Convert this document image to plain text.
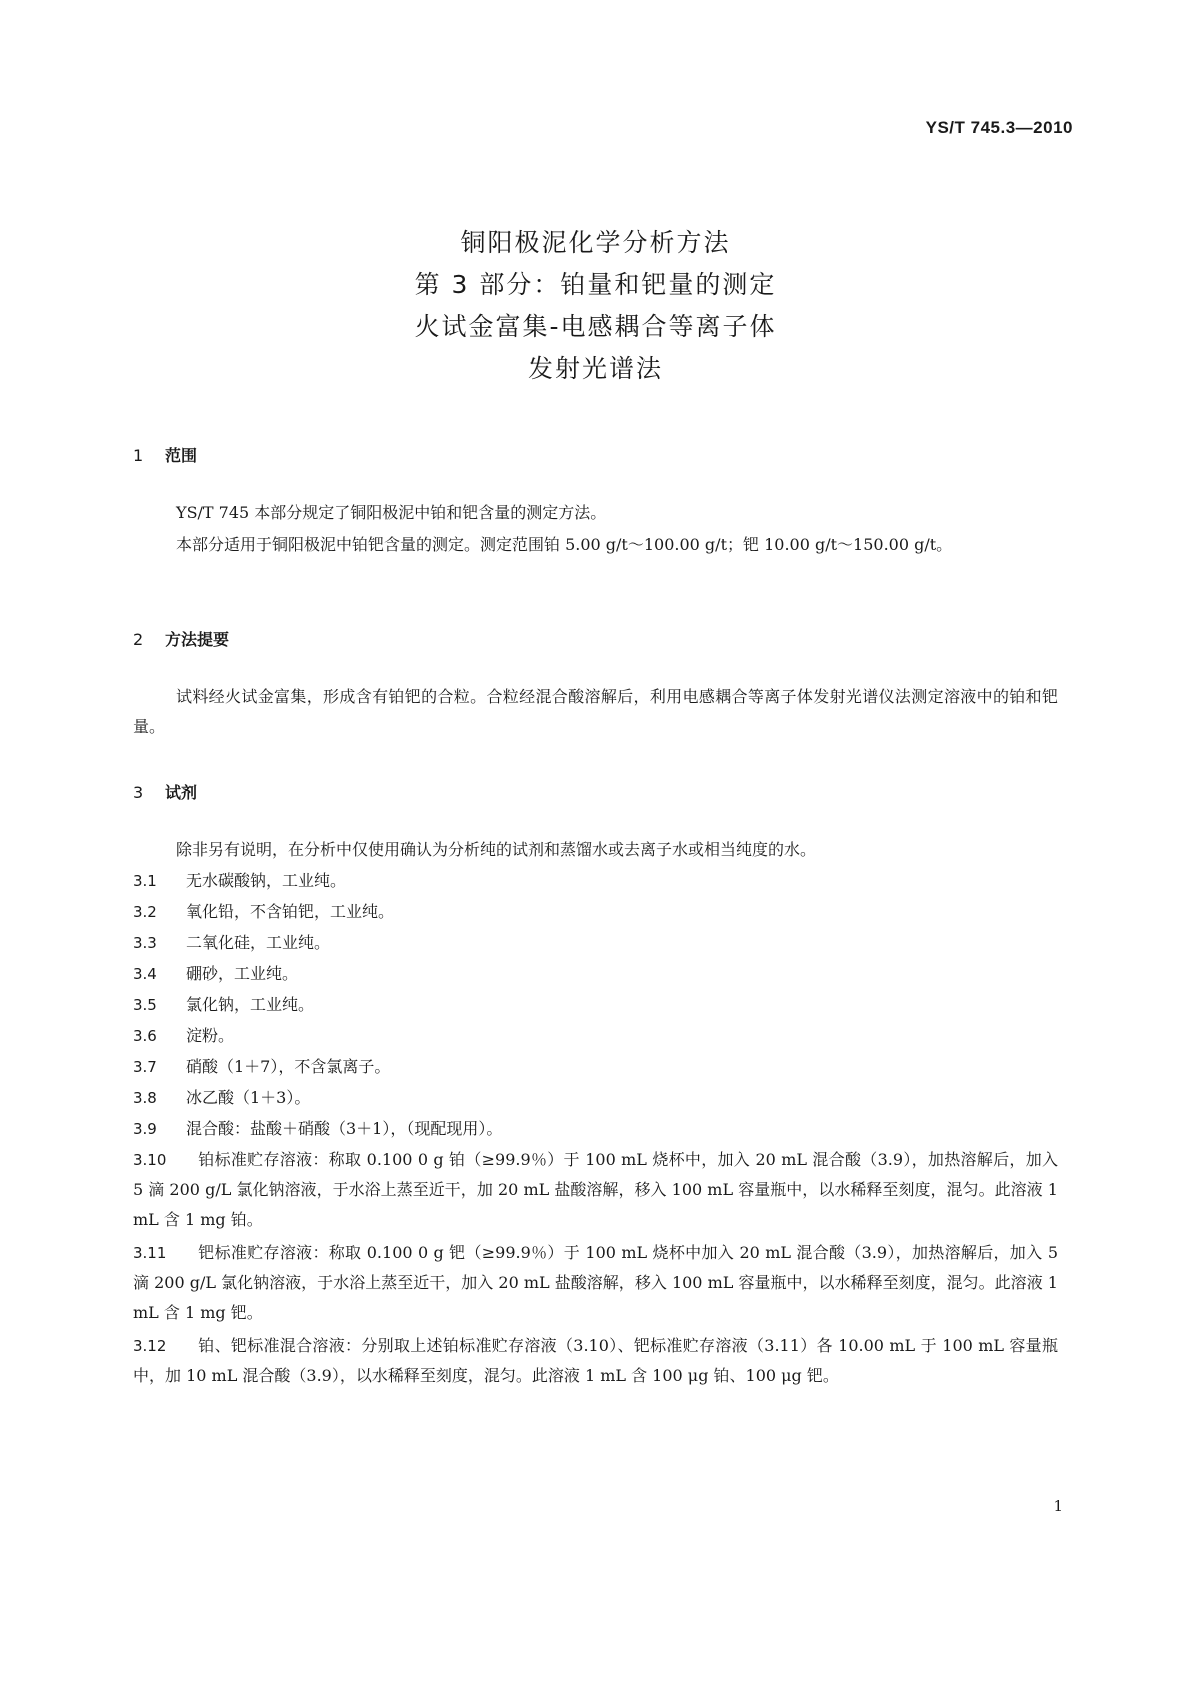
YS/T 745.3—2010
铜阳极泥化学分析方法
第 3 部分：铂量和钯量的测定
火试金富集-电感耦合等离子体
发射光谱法
1 范围
YS/T 745 本部分规定了铜阳极泥中铂和钯含量的测定方法。
本部分适用于铜阳极泥中铂钯含量的测定。测定范围铂 5.00 g/t～100.00 g/t；钯 10.00 g/t～150.00 g/t。
2 方法提要
试料经火试金富集，形成含有铂钯的合粒。合粒经混合酸溶解后，利用电感耦合等离子体发射光谱仪法测定溶液中的铂和钯量。
3 试剂
除非另有说明，在分析中仅使用确认为分析纯的试剂和蒸馏水或去离子水或相当纯度的水。
3.1 无水碳酸钠，工业纯。
3.2 氧化铅，不含铂钯，工业纯。
3.3 二氧化硅，工业纯。
3.4 硼砂，工业纯。
3.5 氯化钠，工业纯。
3.6 淀粉。
3.7 硝酸（1＋7），不含氯离子。
3.8 冰乙酸（1＋3）。
3.9 混合酸：盐酸＋硝酸（3＋1），（现配现用）。
3.10 铂标准贮存溶液：称取 0.100 0 g 铂（≥99.9％）于 100 mL 烧杯中，加入 20 mL 混合酸（3.9），加热溶解后，加入 5 滴 200 g/L 氯化钠溶液，于水浴上蒸至近干，加 20 mL 盐酸溶解，移入 100 mL 容量瓶中，以水稀释至刻度，混匀。此溶液 1 mL 含 1 mg 铂。
3.11 钯标准贮存溶液：称取 0.100 0 g 钯（≥99.9％）于 100 mL 烧杯中加入 20 mL 混合酸（3.9），加热溶解后，加入 5 滴 200 g/L 氯化钠溶液，于水浴上蒸至近干，加入 20 mL 盐酸溶解，移入 100 mL 容量瓶中，以水稀释至刻度，混匀。此溶液 1 mL 含 1 mg 钯。
3.12 铂、钯标准混合溶液：分别取上述铂标准贮存溶液（3.10）、钯标准贮存溶液（3.11）各 10.00 mL 于 100 mL 容量瓶中，加 10 mL 混合酸（3.9），以水稀释至刻度，混匀。此溶液 1 mL 含 100 μg 铂、100 μg 钯。
1
